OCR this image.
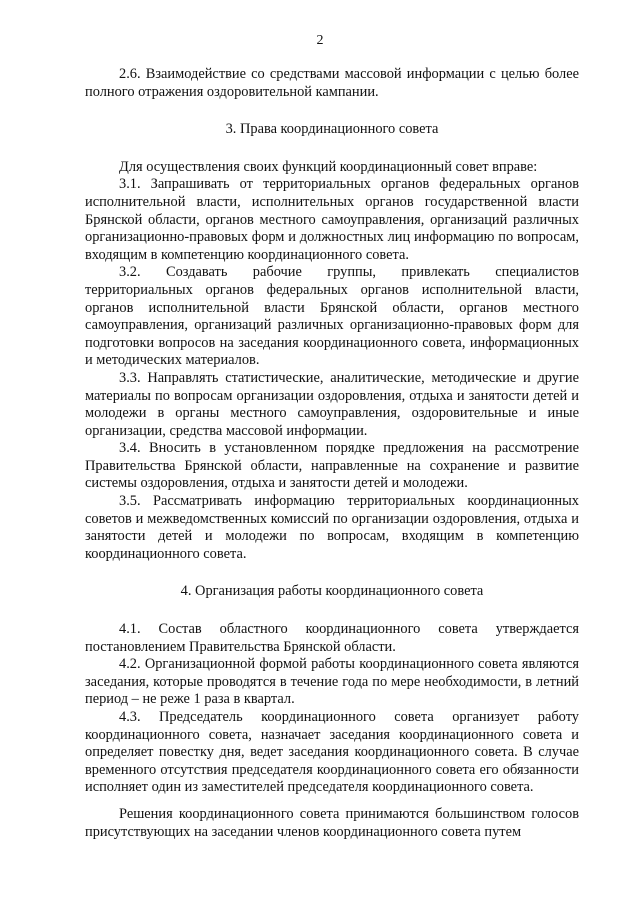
2

2.6. Взаимодействие со средствами массовой информации с целью более полного отражения оздоровительной кампании.

3. Права координационного совета

Для осуществления своих функций координационный совет вправе:

3.1. Запрашивать от территориальных органов федеральных органов исполнительной власти, исполнительных органов государственной власти Брянской области, органов местного самоуправления, организаций различных организационно-правовых форм и должностных лиц информацию по вопросам, входящим в компетенцию координационного совета.

3.2. Создавать рабочие группы, привлекать специалистов территориальных органов федеральных органов исполнительной власти, органов исполнительной власти Брянской области, органов местного самоуправления, организаций различных организационно-правовых форм для подготовки вопросов на заседания координационного совета, информационных и методических материалов.

3.3. Направлять статистические, аналитические, методические и другие материалы по вопросам организации оздоровления, отдыха и занятости детей и молодежи в органы местного самоуправления, оздоровительные и иные организации, средства массовой информации.

3.4. Вносить в установленном порядке предложения на рассмотрение Правительства Брянской области, направленные на сохранение и развитие системы оздоровления, отдыха и занятости детей и молодежи.

3.5. Рассматривать информацию территориальных координационных советов и межведомственных комиссий по организации оздоровления, отдыха и занятости детей и молодежи по вопросам, входящим в компетенцию координационного совета.

4. Организация работы координационного совета

4.1. Состав областного координационного совета утверждается постановлением Правительства Брянской области.

4.2. Организационной формой работы координационного совета являются заседания, которые проводятся в течение года по мере необходимости, в летний период – не реже 1 раза в квартал.

4.3. Председатель координационного совета организует работу координационного совета, назначает заседания координационного совета и определяет повестку дня, ведет заседания координационного совета. В случае временного отсутствия председателя координационного совета его обязанности исполняет один из заместителей председателя координационного совета.

Решения координационного совета принимаются большинством голосов присутствующих на заседании членов координационного совета путем
